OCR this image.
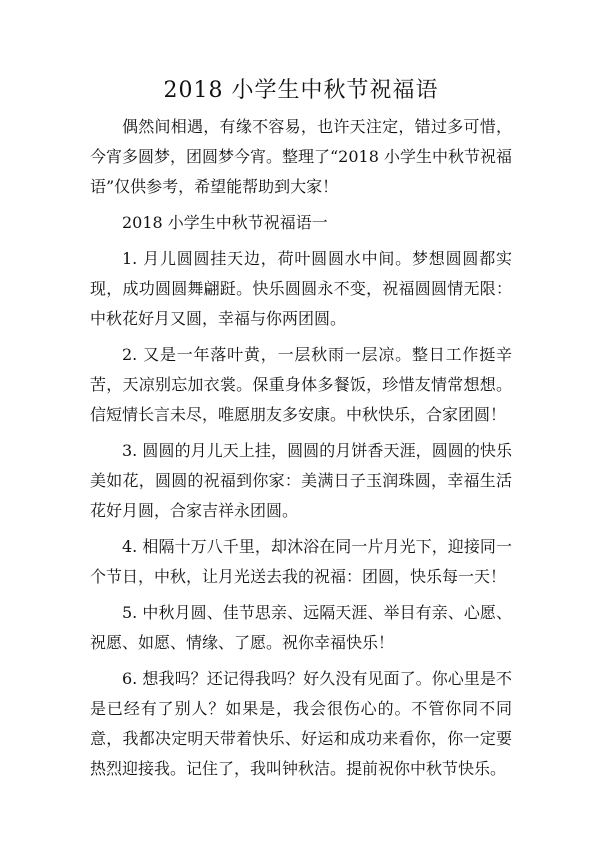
2018 小学生中秋节祝福语

偶然间相遇，有缘不容易，也许天注定，错过多可惜，今宵多圆梦，团圆梦今宵。整理了“2018 小学生中秋节祝福语”仅供参考，希望能帮助到大家！

2018 小学生中秋节祝福语一

1. 月儿圆圆挂天边，荷叶圆圆水中间。梦想圆圆都实现，成功圆圆舞翩跹。快乐圆圆永不变，祝福圆圆情无限：中秋花好月又圆，幸福与你两团圆。

2. 又是一年落叶黄，一层秋雨一层凉。整日工作挺辛苦，天凉别忘加衣裳。保重身体多餐饭，珍惜友情常想想。信短情长言未尽，唯愿朋友多安康。中秋快乐，合家团圆！

3. 圆圆的月儿天上挂，圆圆的月饼香天涯，圆圆的快乐美如花，圆圆的祝福到你家：美满日子玉润珠圆，幸福生活花好月圆，合家吉祥永团圆。

4. 相隔十万八千里，却沐浴在同一片月光下，迎接同一个节日，中秋，让月光送去我的祝福：团圆，快乐每一天！

5. 中秋月圆、佳节思亲、远隔天涯、举目有亲、心愿、祝愿、如愿、情缘、了愿。祝你幸福快乐！

6. 想我吗？还记得我吗？好久没有见面了。你心里是不是已经有了别人？如果是，我会很伤心的。不管你同不同意，我都决定明天带着快乐、好运和成功来看你，你一定要热烈迎接我。记住了，我叫钟秋洁。提前祝你中秋节快乐。
